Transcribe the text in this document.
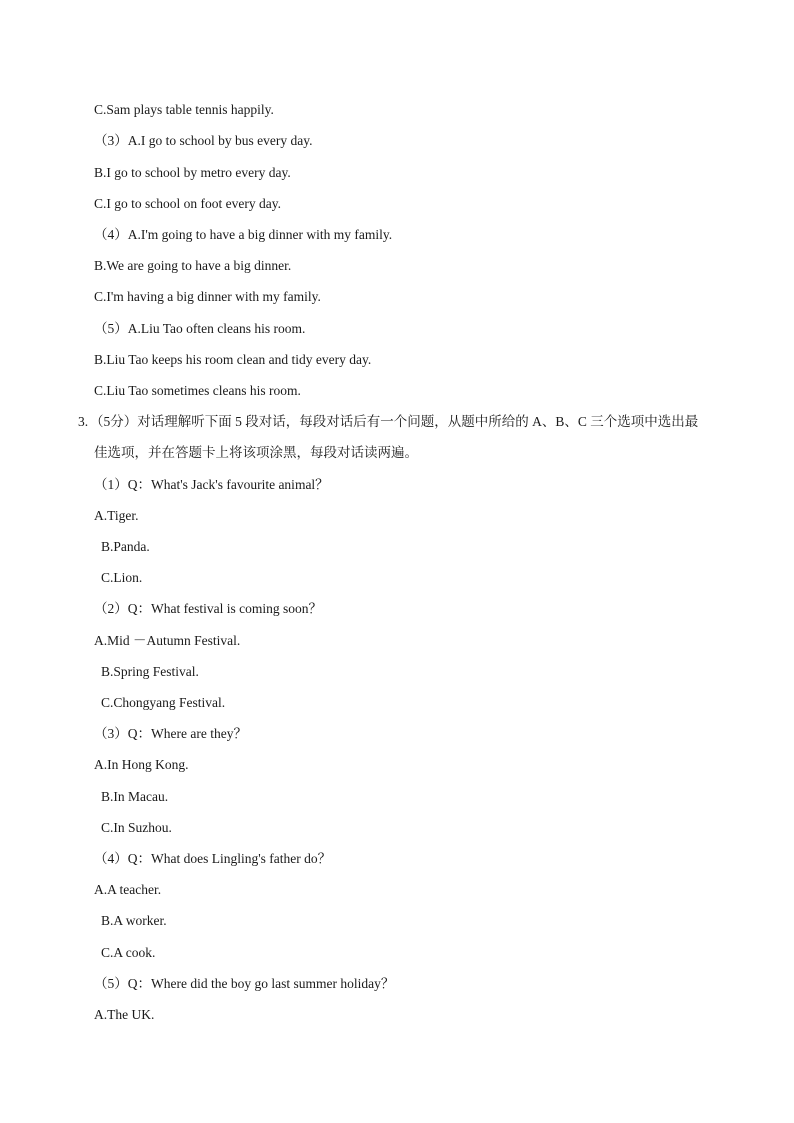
C.Sam plays table tennis happily.
（3）A.I go to school by bus every day.
B.I go to school by metro every day.
C.I go to school on foot every day.
（4）A.I'm going to have a big dinner with my family.
B.We are going to have a big dinner.
C.I'm having a big dinner with my family.
（5）A.Liu Tao often cleans his room.
B.Liu Tao keeps his room clean and tidy every day.
C.Liu Tao sometimes cleans his room.
3. （5分）对话理解听下面 5 段对话，每段对话后有一个问题，从题中所给的 A、B、C 三个选项中选出最
佳选项，并在答题卡上将该项涂黑，每段对话读两遍。
（1）Q：What's Jack's favourite animal？
A.Tiger.
B.Panda.
C.Lion.
（2）Q：What festival is coming soon？
A.Mid －Autumn Festival.
B.Spring Festival.
C.Chongyang Festival.
（3）Q：Where are they？
A.In Hong Kong.
B.In Macau.
C.In Suzhou.
（4）Q：What does Lingling's father do？
A.A teacher.
B.A worker.
C.A cook.
（5）Q：Where did the boy go last summer holiday？
A.The UK.
